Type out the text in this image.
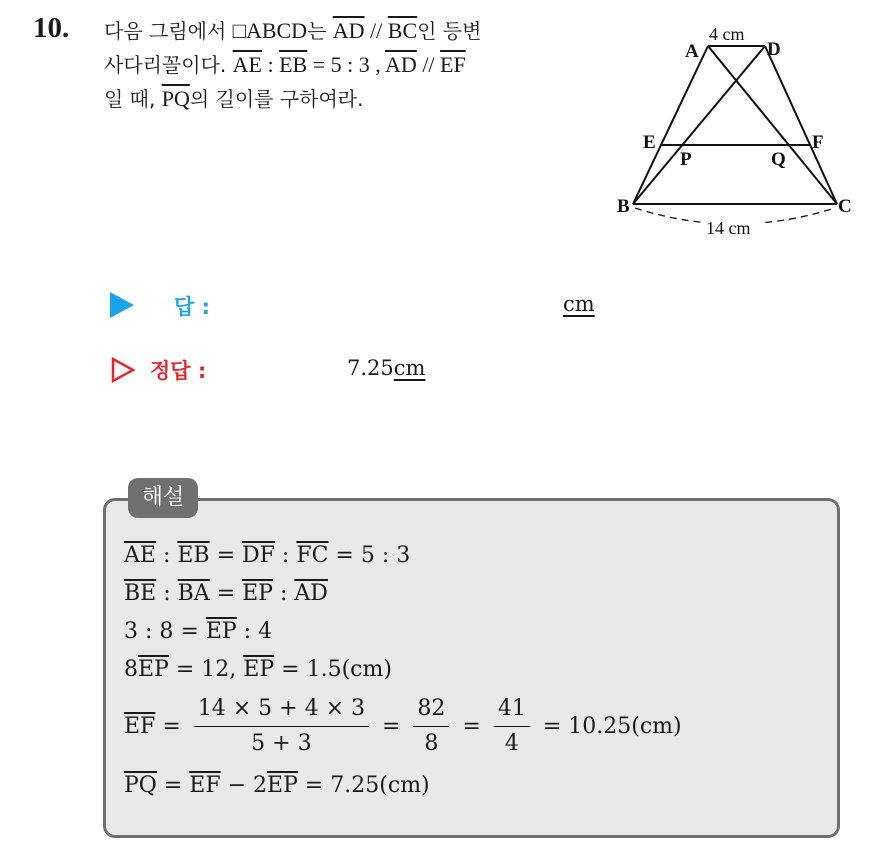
10. 다음 그림에서 □ABCD는 $\overline{AD} // \overline{BC}$인 등변
사다리꼴이다. $\overline{AE}$ : $\overline{EB} = 5$ : 3 , $\overline{AD} // \overline{EF}$
일 때, $\overline{PQ}$의 길이를 구하여라.
A	D
E	F
P	Q
B	C
4 cm
14 cm
답 :	cm
정답 :	7.25cm
해설
$\overline{AE}$ : $\overline{EB} = \overline{DF}$ : $\overline{FC} = 5$ : 3
$\overline{BE}$ : $\overline{BA} = \overline{EP}$ : $\overline{AD}$
3 : $8 = \overline{EP}$ : 4
$8\overline{EP} = 12$, $\overline{EP} = 1.5(cm)$
$\overline{EF} = \frac{14 \times 5 + 4 \times 3}{5 + 3} = \frac{82}{8} = \frac{41}{4} = 10.25(cm)$
$\overline{PQ} = \overline{EF} - 2\overline{EP} = 7.25(cm)$
